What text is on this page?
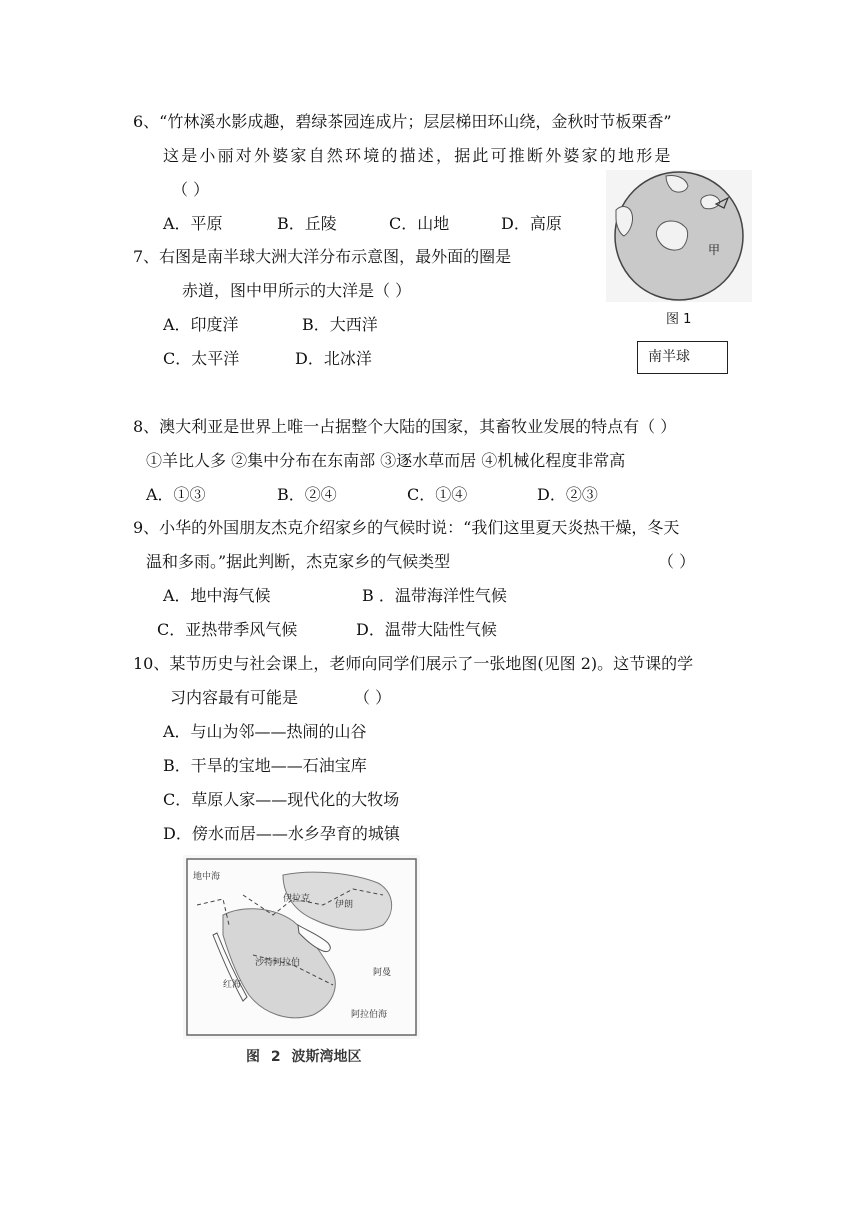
6、“竹林溪水影成趣，碧绿茶园连成片；层层梯田环山绕，金秋时节板栗香”
这是小丽对外婆家自然环境的描述，据此可推断外婆家的地形是
（ ）
A．平原	B．丘陵	C．山地	D．高原
甲
图 1
7、右图是南半球大洲大洋分布示意图，最外面的圈是
赤道，图中甲所示的大洋是（ ）
A．印度洋	B．大西洋
C．太平洋	D．北冰洋	南半球
8、澳大利亚是世界上唯一占据整个大陆的国家，其畜牧业发展的特点有（ ）
①羊比人多 ②集中分布在东南部 ③逐水草而居 ④机械化程度非常高
A．①③	B．②④	C．①④	D．②③
9、小华的外国朋友杰克介绍家乡的气候时说：“我们这里夏天炎热干燥，冬天
温和多雨。”据此判断，杰克家乡的气候类型	（ ）
A．地中海气候	B ．温带海洋性气候
C．亚热带季风气候	D．温带大陆性气候
10、某节历史与社会课上，老师向同学们展示了一张地图(见图 2)。这节课的学
习内容最有可能是	（ ）
A．与山为邻——热闹的山谷
B．干旱的宝地——石油宝库
C．草原人家——现代化的大牧场
D．傍水而居——水乡孕育的城镇
伊朗
沙特阿拉伯
伊拉克
阿曼
阿拉伯海
红海
地中海
图 2 波斯湾地区
